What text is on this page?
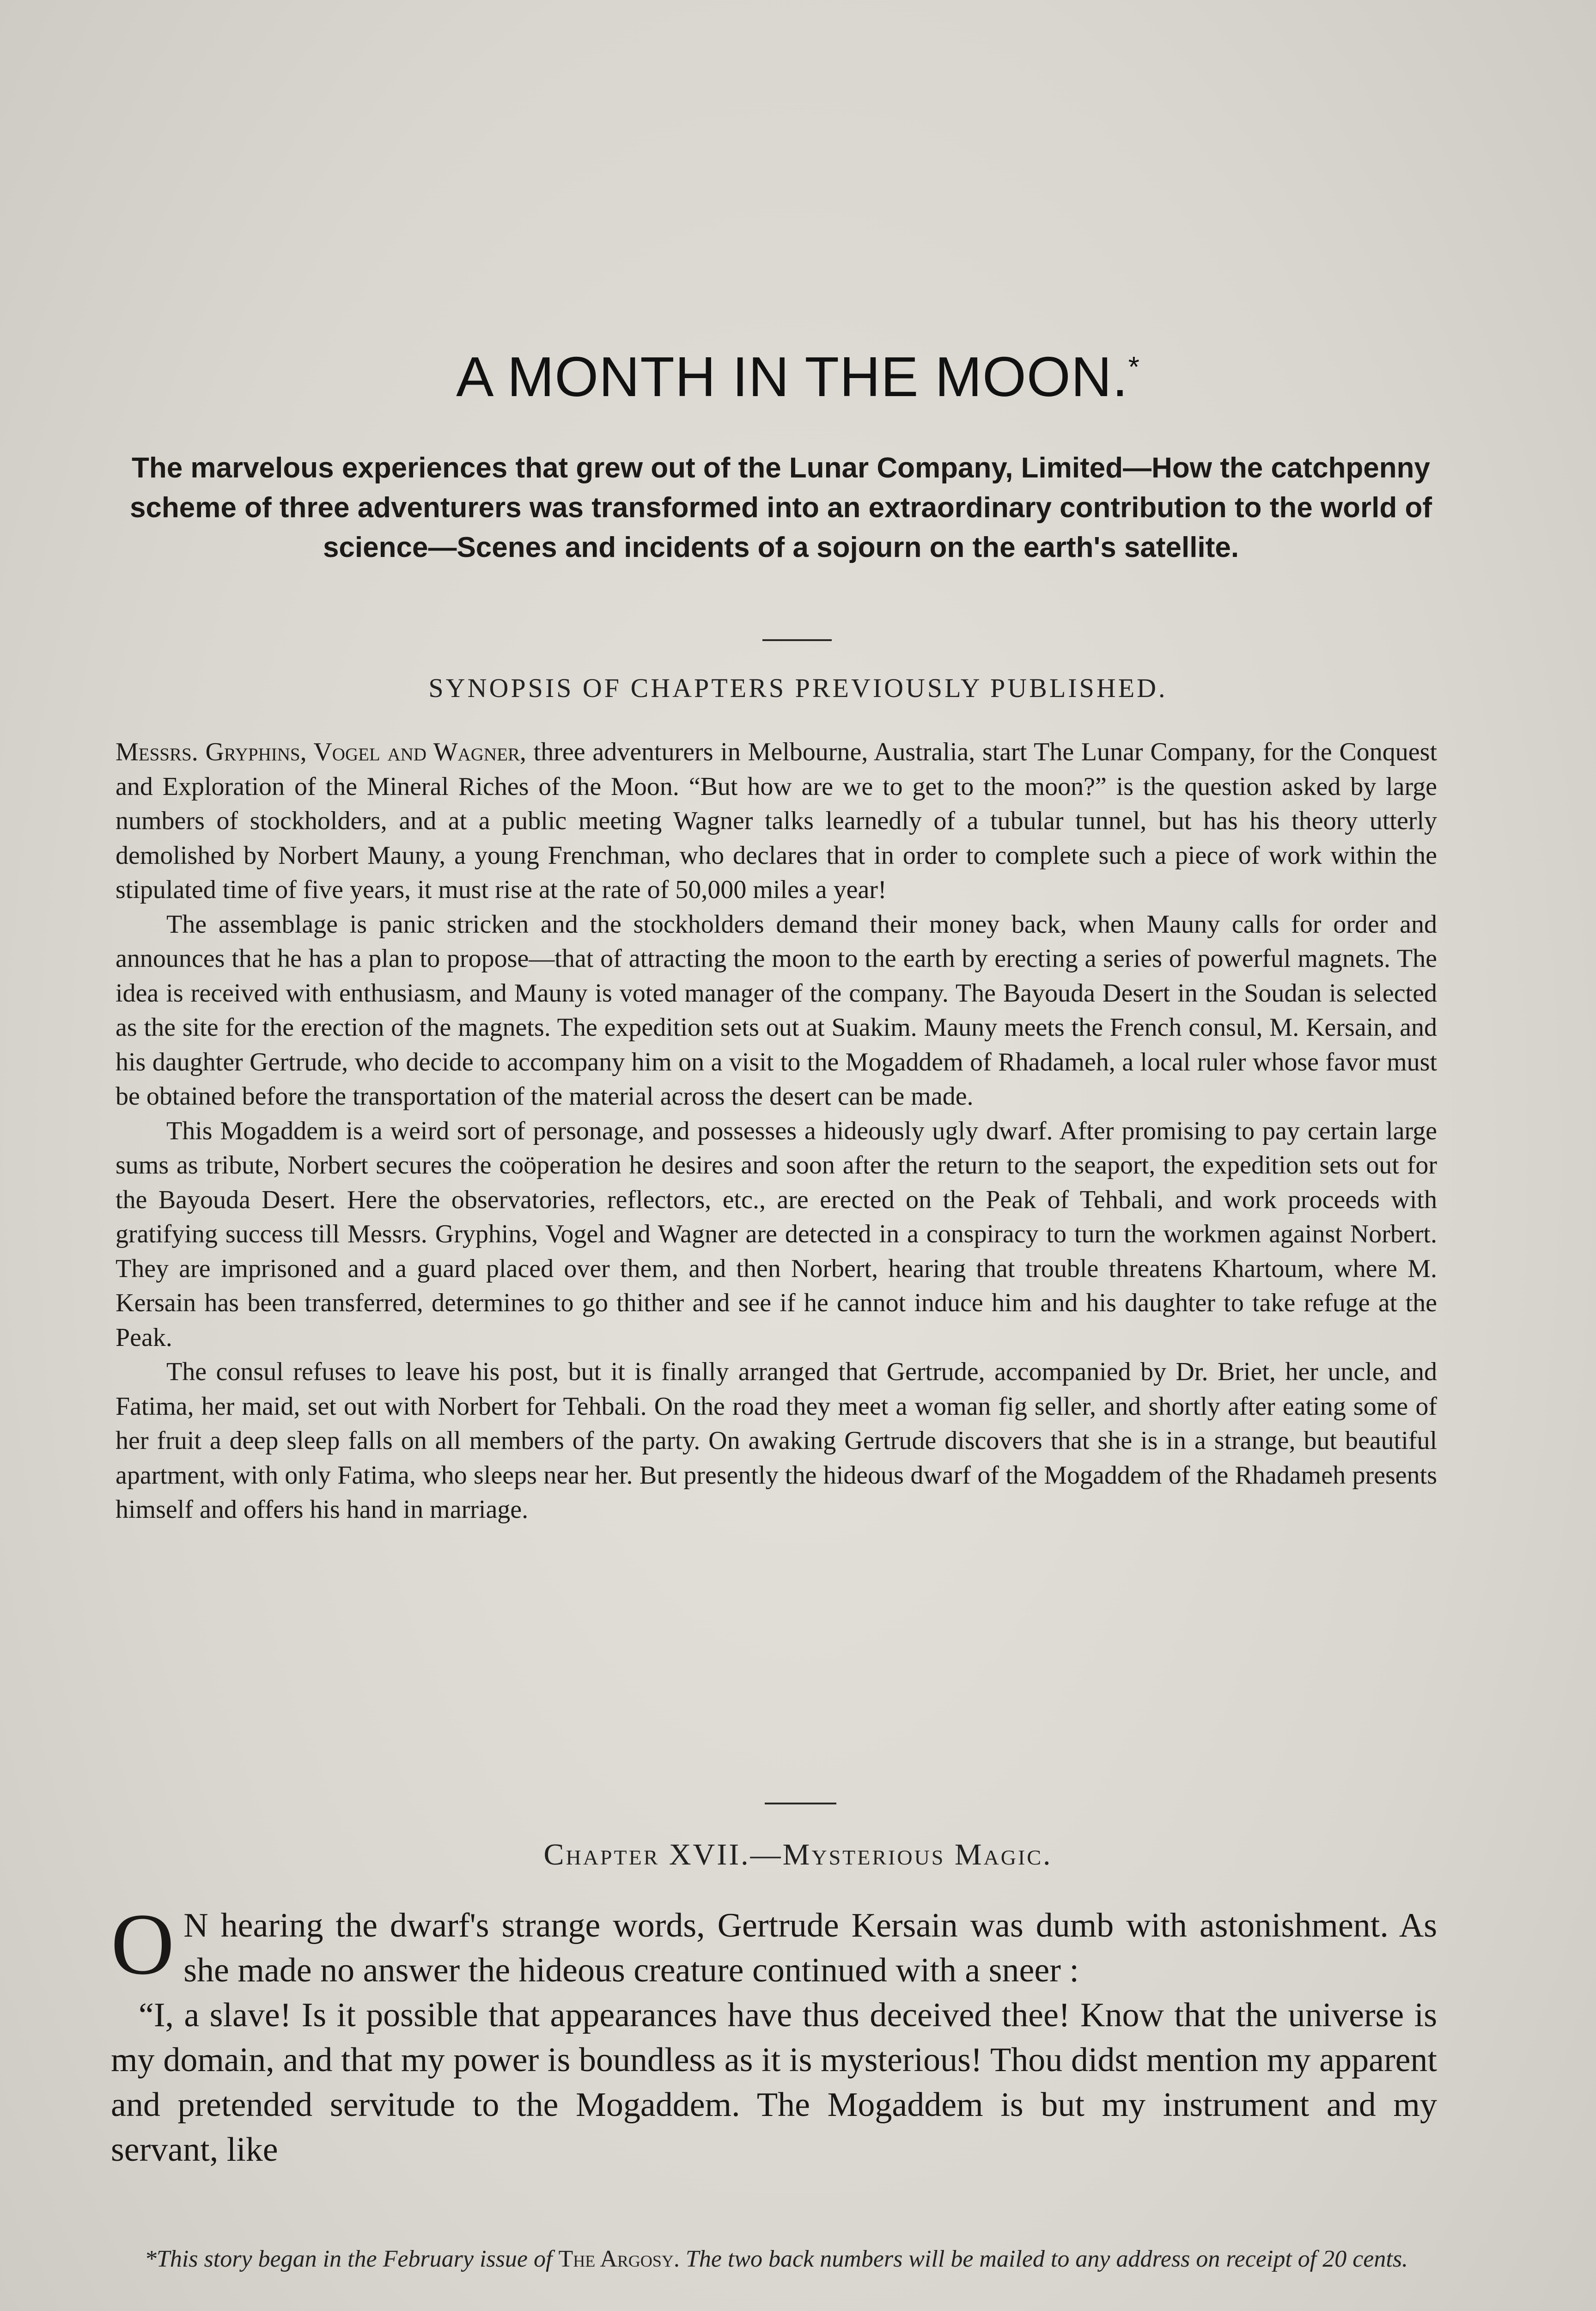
A MONTH IN THE MOON.*
The marvelous experiences that grew out of the Lunar Company, Limited—How the catchpenny scheme of three adventurers was transformed into an extraordinary contribution to the world of science—Scenes and incidents of a sojourn on the earth's satellite.
SYNOPSIS OF CHAPTERS PREVIOUSLY PUBLISHED.

Messrs. Gryphins, Vogel and Wagner, three adventurers in Melbourne, Australia, start The Lunar Company, for the Conquest and Exploration of the Mineral Riches of the Moon. “But how are we to get to the moon?” is the question asked by large numbers of stockholders, and at a public meeting Wagner talks learnedly of a tubular tunnel, but has his theory utterly demolished by Norbert Mauny, a young Frenchman, who declares that in order to complete such a piece of work within the stipulated time of five years, it must rise at the rate of 50,000 miles a year!

The assemblage is panic stricken and the stockholders demand their money back, when Mauny calls for order and announces that he has a plan to propose—that of attracting the moon to the earth by erecting a series of powerful magnets. The idea is received with enthusiasm, and Mauny is voted manager of the company. The Bayouda Desert in the Soudan is selected as the site for the erection of the magnets. The expedition sets out at Suakim. Mauny meets the French consul, M. Kersain, and his daughter Gertrude, who decide to accompany him on a visit to the Mogaddem of Rhadameh, a local ruler whose favor must be obtained before the transportation of the material across the desert can be made.

This Mogaddem is a weird sort of personage, and possesses a hideously ugly dwarf. After promising to pay certain large sums as tribute, Norbert secures the coöperation he desires and soon after the return to the seaport, the expedition sets out for the Bayouda Desert. Here the observatories, reflectors, etc., are erected on the Peak of Tehbali, and work proceeds with gratifying success till Messrs. Gryphins, Vogel and Wagner are detected in a conspiracy to turn the workmen against Norbert. They are imprisoned and a guard placed over them, and then Norbert, hearing that trouble threatens Khartoum, where M. Kersain has been transferred, determines to go thither and see if he cannot induce him and his daughter to take refuge at the Peak.

The consul refuses to leave his post, but it is finally arranged that Gertrude, accompanied by Dr. Briet, her uncle, and Fatima, her maid, set out with Norbert for Tehbali. On the road they meet a woman fig seller, and shortly after eating some of her fruit a deep sleep falls on all members of the party. On awaking Gertrude discovers that she is in a strange, but beautiful apartment, with only Fatima, who sleeps near her. But presently the hideous dwarf of the Mogaddem of the Rhadameh presents himself and offers his hand in marriage.

Chapter XVII.—Mysterious Magic.

O N hearing the dwarf's strange words, Gertrude Kersain was dumb with astonishment. As she made no answer the hideous creature continued with a sneer :

“I, a slave! Is it possible that appearances have thus deceived thee! Know that the universe is my domain, and that my power is boundless as it is mysterious! Thou didst mention my apparent and pretended servitude to the Mogaddem. The Mogaddem is but my instrument and my servant, like

*This story began in the February issue of The Argosy. The two back numbers will be mailed to any address on receipt of 20 cents.
